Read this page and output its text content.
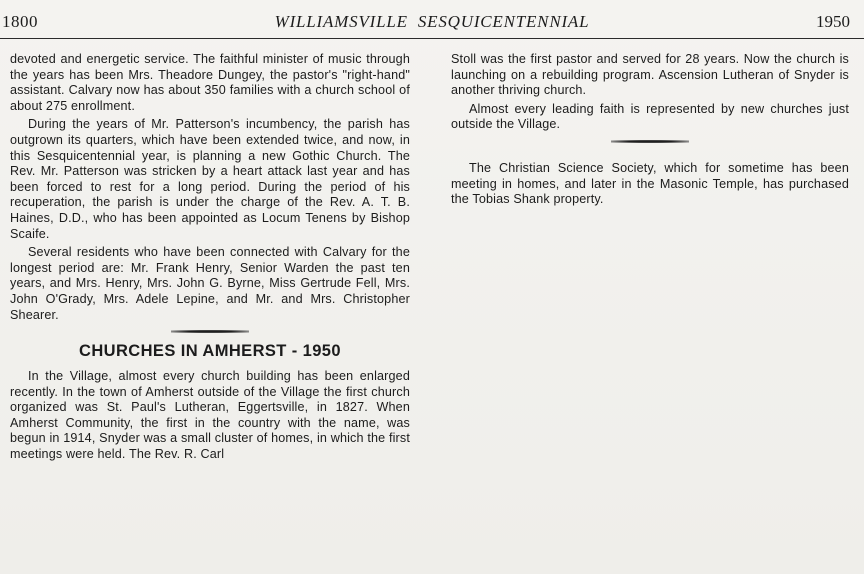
1800	WILLIAMSVILLE  SESQUICENTENNIAL	1950

devoted and energetic service. The faithful minister of music through the years has been Mrs. Theadore Dungey, the pastor's "right-hand" assistant. Calvary now has about 350 families with a church school of about 275 enrollment.

During the years of Mr. Patterson's incumbency, the parish has outgrown its quarters, which have been extended twice, and now, in this Sesquicentennial year, is planning a new Gothic Church. The Rev. Mr. Patterson was stricken by a heart attack last year and has been forced to rest for a long period. During the period of his recuperation, the parish is under the charge of the Rev. A. T. B. Haines, D.D., who has been appointed as Locum Tenens by Bishop Scaife.

Several residents who have been connected with Calvary for the longest period are: Mr. Frank Henry, Senior Warden the past ten years, and Mrs. Henry, Mrs. John G. Byrne, Miss Gertrude Fell, Mrs. John O'Grady, Mrs. Adele Lepine, and Mr. and Mrs. Christopher Shearer.

CHURCHES IN AMHERST - 1950

In the Village, almost every church building has been enlarged recently. In the town of Amherst outside of the Village the first church organized was St. Paul's Lutheran, Eggertsville, in 1827. When Amherst Community, the first in the country with the name, was begun in 1914, Snyder was a small cluster of homes, in which the first meetings were held. The Rev. R. Carl

Stoll was the first pastor and served for 28 years. Now the church is launching on a rebuilding program. Ascension Lutheran of Snyder is another thriving church.

Almost every leading faith is represented by new churches just outside the Village.

The Christian Science Society, which for sometime has been meeting in homes, and later in the Masonic Temple, has purchased the Tobias Shank property.
